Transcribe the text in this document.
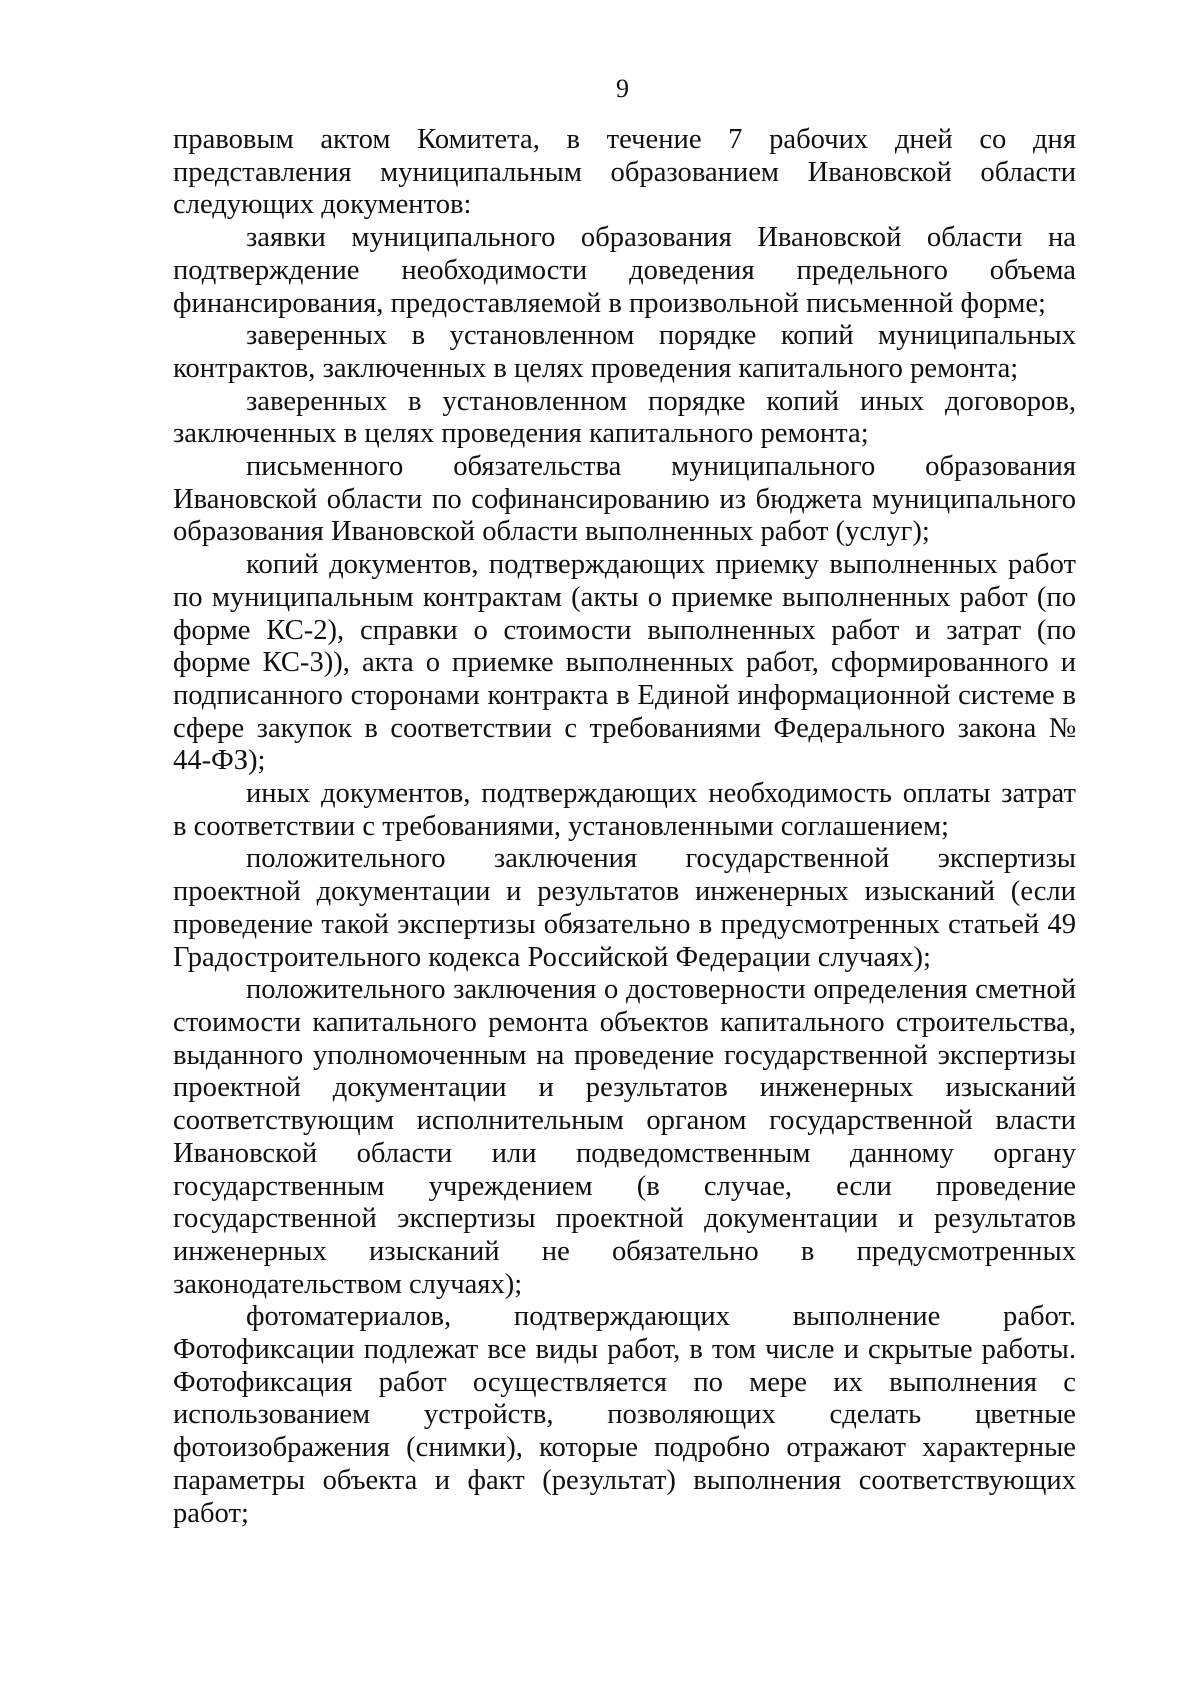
9

правовым актом Комитета, в течение 7 рабочих дней со дня представления муниципальным образованием Ивановской области следующих документов:

заявки муниципального образования Ивановской области на подтверждение необходимости доведения предельного объема финансирования, предоставляемой в произвольной письменной форме;

заверенных в установленном порядке копий муниципальных контрактов, заключенных в целях проведения капитального ремонта;

заверенных в установленном порядке копий иных договоров, заключенных в целях проведения капитального ремонта;

письменного обязательства муниципального образования Ивановской области по софинансированию из бюджета муниципального образования Ивановской области выполненных работ (услуг);

копий документов, подтверждающих приемку выполненных работ по муниципальным контрактам (акты о приемке выполненных работ (по форме КС-2), справки о стоимости выполненных работ и затрат (по форме КС-3)), акта о приемке выполненных работ, сформированного и подписанного сторонами контракта в Единой информационной системе в сфере закупок в соответствии с требованиями Федерального закона № 44-ФЗ);

иных документов, подтверждающих необходимость оплаты затрат в соответствии с требованиями, установленными соглашением;

положительного заключения государственной экспертизы проектной документации и результатов инженерных изысканий (если проведение такой экспертизы обязательно в предусмотренных статьей 49 Градостроительного кодекса Российской Федерации случаях);

положительного заключения о достоверности определения сметной стоимости капитального ремонта объектов капитального строительства, выданного уполномоченным на проведение государственной экспертизы проектной документации и результатов инженерных изысканий соответствующим исполнительным органом государственной власти Ивановской области или подведомственным данному органу государственным учреждением (в случае, если проведение государственной экспертизы проектной документации и результатов инженерных изысканий не обязательно в предусмотренных законодательством случаях);

фотоматериалов, подтверждающих выполнение работ. Фотофиксации подлежат все виды работ, в том числе и скрытые работы. Фотофиксация работ осуществляется по мере их выполнения с использованием устройств, позволяющих сделать цветные фотоизображения (снимки), которые подробно отражают характерные параметры объекта и факт (результат) выполнения соответствующих работ;
